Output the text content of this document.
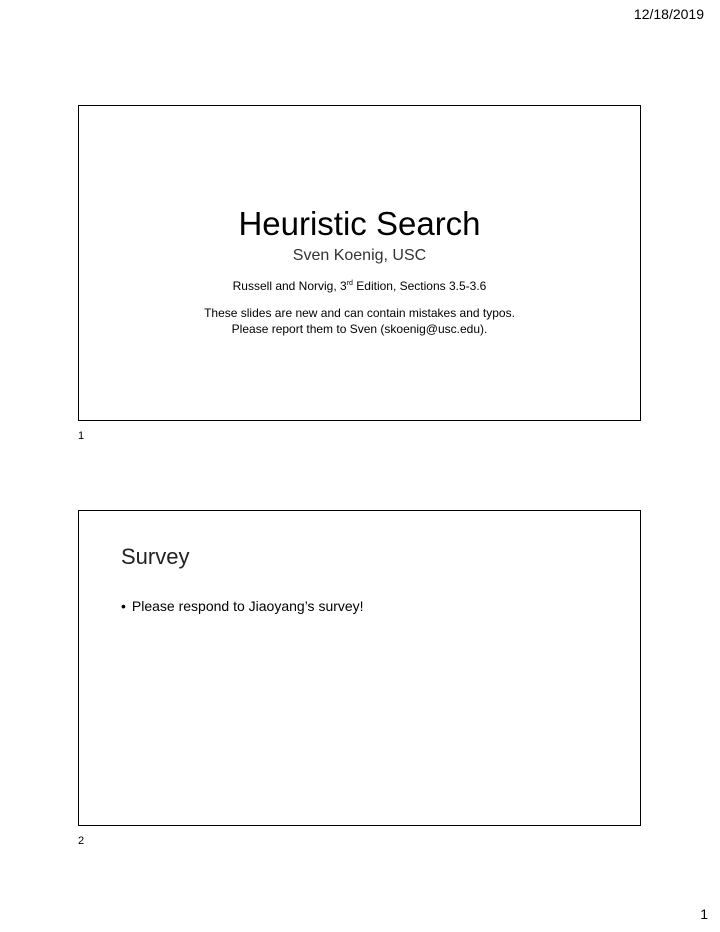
12/18/2019
Heuristic Search
Sven Koenig, USC
Russell and Norvig, 3rd Edition, Sections 3.5-3.6
These slides are new and can contain mistakes and typos.
Please report them to Sven (skoenig@usc.edu).
1
Survey
• Please respond to Jiaoyang’s survey!
2
1
